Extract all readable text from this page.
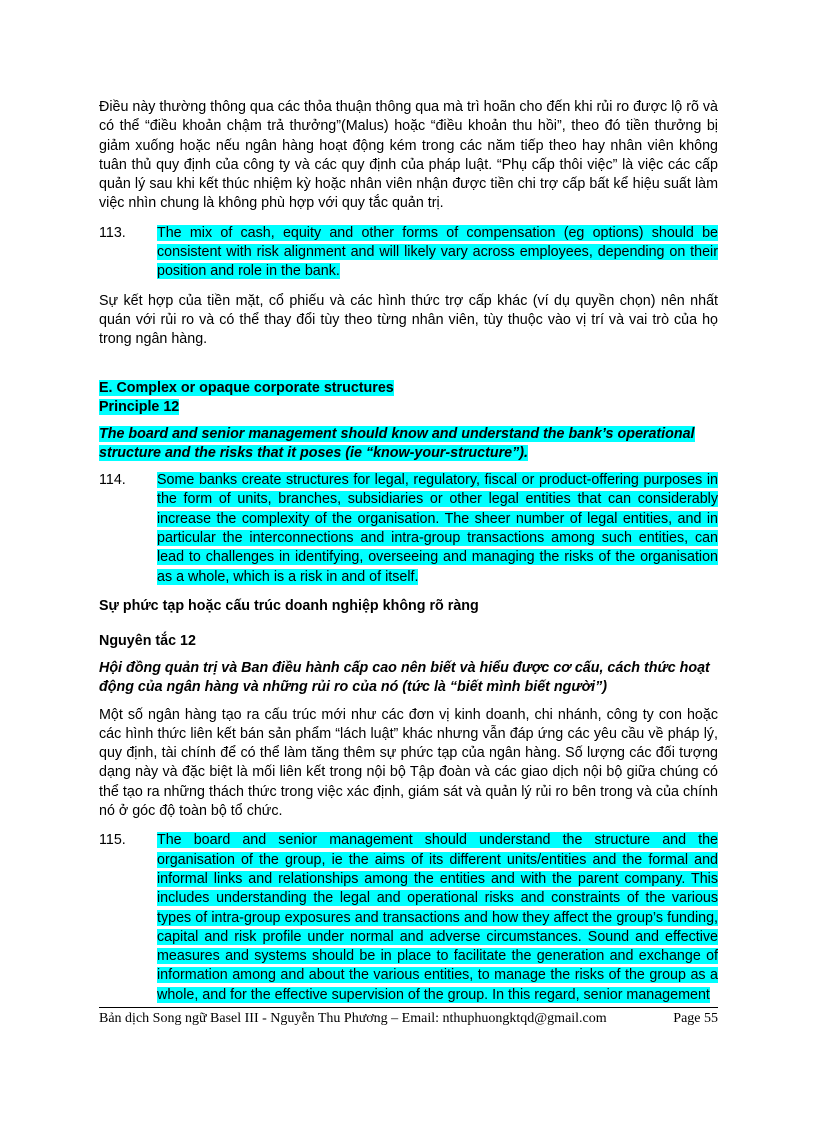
Điều này thường thông qua các thỏa thuận thông qua mà trì hoãn cho đến khi rủi ro được lộ rõ và có thể “điều khoản chậm trả thưởng”(Malus) hoặc “điều khoản thu hồi”, theo đó tiền thưởng bị giảm xuống hoặc nếu ngân hàng hoạt động kém trong các năm tiếp theo hay nhân viên không tuân thủ quy định của công ty và các quy định của pháp luật. “Phụ cấp thôi việc” là việc các cấp quản lý sau khi kết thúc nhiệm kỳ hoặc nhân viên nhận được tiền chi trợ cấp bất kể hiệu suất làm việc nhìn chung là không phù hợp với quy tắc quản trị.

113.	The mix of cash, equity and other forms of compensation (eg options) should be consistent with risk alignment and will likely vary across employees, depending on their position and role in the bank.

Sự kết hợp của tiền mặt, cổ phiếu và các hình thức trợ cấp khác (ví dụ quyền chọn) nên nhất quán với rủi ro và có thể thay đổi tùy theo từng nhân viên, tùy thuộc vào vị trí và vai trò của họ trong ngân hàng.

E. Complex or opaque corporate structures

Principle 12

The board and senior management should know and understand the bank’s operational structure and the risks that it poses (ie “know-your-structure”).

114.	Some banks create structures for legal, regulatory, fiscal or product-offering purposes in the form of units, branches, subsidiaries or other legal entities that can considerably increase the complexity of the organisation. The sheer number of legal entities, and in particular the interconnections and intra-group transactions among such entities, can lead to challenges in identifying, overseeing and managing the risks of the organisation as a whole, which is a risk in and of itself.

Sự phức tạp hoặc cấu trúc doanh nghiệp không rõ ràng

Nguyên tắc 12

Hội đồng quản trị và Ban điều hành cấp cao nên biết và hiểu được cơ cấu, cách thức hoạt động của ngân hàng và những rủi ro của nó (tức là “biết mình biết người”)

Một số ngân hàng tạo ra cấu trúc mới như các đơn vị kinh doanh, chi nhánh, công ty con hoặc các hình thức liên kết bán sản phẩm “lách luật” khác nhưng vẫn đáp ứng các yêu cầu về pháp lý, quy định, tài chính để có thể làm tăng thêm sự phức tạp của ngân hàng. Số lượng các đối tượng dạng này và đặc biệt là mối liên kết trong nội bộ Tập đoàn và các giao dịch nội bộ giữa chúng có thể tạo ra những thách thức trong việc xác định, giám sát và quản lý rủi ro bên trong và của chính nó ở góc độ toàn bộ tổ chức.

115.	The board and senior management should understand the structure and the organisation of the group, ie the aims of its different units/entities and the formal and informal links and relationships among the entities and with the parent company. This includes understanding the legal and operational risks and constraints of the various types of intra-group exposures and transactions and how they affect the group’s funding, capital and risk profile under normal and adverse circumstances. Sound and effective measures and systems should be in place to facilitate the generation and exchange of information among and about the various entities, to manage the risks of the group as a whole, and for the effective supervision of the group. In this regard, senior management
Bản dịch Song ngữ Basel III - Nguyễn Thu Phương – Email: nthuphuongktqd@gmail.com	Page 55
